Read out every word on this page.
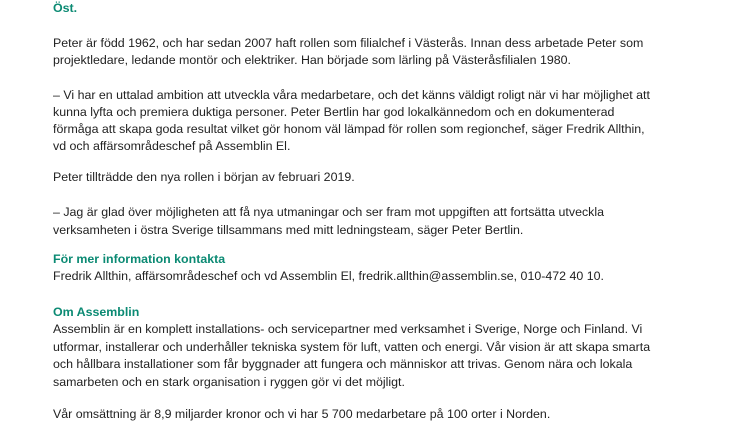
Öst.
Peter är född 1962, och har sedan 2007 haft rollen som filialchef i Västerås. Innan dess arbetade Peter som
projektledare, ledande montör och elektriker. Han började som lärling på Västeråsfilialen 1980.
– Vi har en uttalad ambition att utveckla våra medarbetare, och det känns väldigt roligt när vi har möjlighet att
kunna lyfta och premiera duktiga personer. Peter Bertlin har god lokalkännedom och en dokumenterad
förmåga att skapa goda resultat vilket gör honom väl lämpad för rollen som regionchef, säger Fredrik Allthin,
vd och affärsområdeschef på Assemblin El.
Peter tillträdde den nya rollen i början av februari 2019.
– Jag är glad över möjligheten att få nya utmaningar och ser fram mot uppgiften att fortsätta utveckla
verksamheten i östra Sverige tillsammans med mitt ledningsteam, säger Peter Bertlin.
För mer information kontakta
Fredrik Allthin, affärsområdeschef och vd Assemblin El, fredrik.allthin@assemblin.se, 010-472 40 10.
Om Assemblin
Assemblin är en komplett installations- och servicepartner med verksamhet i Sverige, Norge och Finland. Vi
utformar, installerar och underhåller tekniska system för luft, vatten och energi. Vår vision är att skapa smarta
och hållbara installationer som får byggnader att fungera och människor att trivas. Genom nära och lokala
samarbeten och en stark organisation i ryggen gör vi det möjligt.
Vår omsättning är 8,9 miljarder kronor och vi har 5 700 medarbetare på 100 orter i Norden.
